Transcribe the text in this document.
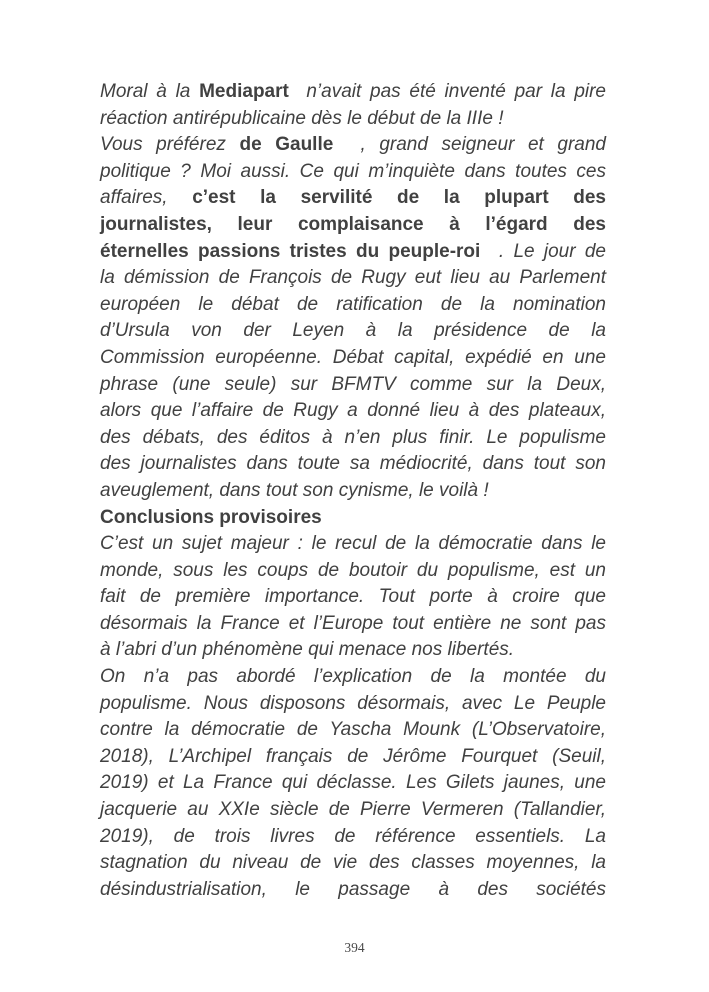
Moral à la Mediapart  n’avait pas été inventé par la pire
réaction antirépublicaine dès le début de la IIIe !
Vous préférez de Gaulle  , grand seigneur et grand
politique ? Moi aussi. Ce qui m’inquiète dans toutes ces
affaires, c’est la servilité de la plupart des
journalistes, leur complaisance à l’égard des
éternelles passions tristes du peuple-roi  . Le jour de
la démission de François de Rugy eut lieu au Parlement
européen le débat de ratification de la nomination
d’Ursula von der Leyen à la présidence de la
Commission européenne. Débat capital, expédié en une
phrase (une seule) sur BFMTV comme sur la Deux,
alors que l’affaire de Rugy a donné lieu à des plateaux,
des débats, des éditos à n’en plus finir. Le populisme
des journalistes dans toute sa médiocrité, dans tout son
aveuglement, dans tout son cynisme, le voilà !
Conclusions provisoires
C’est un sujet majeur : le recul de la démocratie dans le
monde, sous les coups de boutoir du populisme, est un
fait de première importance. Tout porte à croire que
désormais la France et l’Europe tout entière ne sont pas
à l’abri d’un phénomène qui menace nos libertés.
On n’a pas abordé l’explication de la montée du
populisme. Nous disposons désormais, avec Le Peuple
contre la démocratie de Yascha Mounk (L’Observatoire,
2018), L’Archipel français de Jérôme Fourquet (Seuil,
2019) et La France qui déclasse. Les Gilets jaunes, une
jacquerie au XXIe siècle de Pierre Vermeren (Tallandier,
2019), de trois livres de référence essentiels. La
stagnation du niveau de vie des classes moyennes, la
désindustrialisation, le passage à des sociétés
394
